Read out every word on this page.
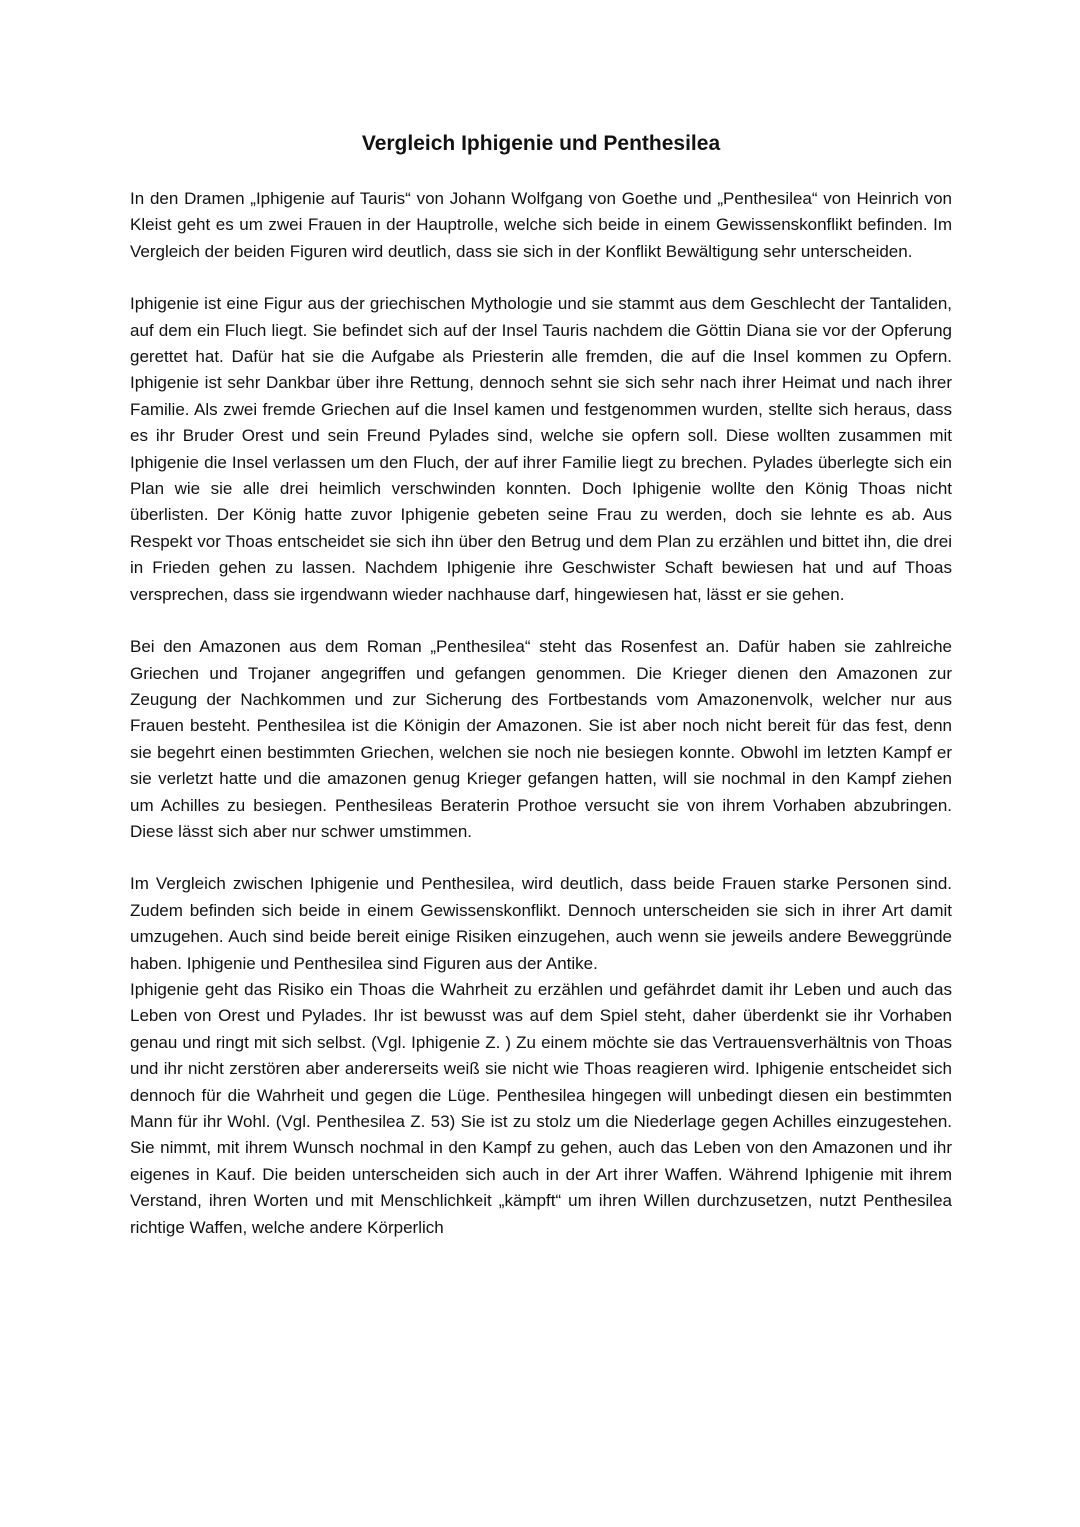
Vergleich Iphigenie und Penthesilea

In den Dramen „Iphigenie auf Tauris“ von Johann Wolfgang von Goethe und „Penthesilea“ von Heinrich von Kleist geht es um zwei Frauen in der Hauptrolle, welche sich beide in einem Gewissenskonflikt befinden. Im Vergleich der beiden Figuren wird deutlich, dass sie sich in der Konflikt Bewältigung sehr unterscheiden.

Iphigenie ist eine Figur aus der griechischen Mythologie und sie stammt aus dem Geschlecht der Tantaliden, auf dem ein Fluch liegt. Sie befindet sich auf der Insel Tauris nachdem die Göttin Diana sie vor der Opferung gerettet hat. Dafür hat sie die Aufgabe als Priesterin alle fremden, die auf die Insel kommen zu Opfern. Iphigenie ist sehr Dankbar über ihre Rettung, dennoch sehnt sie sich sehr nach ihrer Heimat und nach ihrer Familie. Als zwei fremde Griechen auf die Insel kamen und festgenommen wurden, stellte sich heraus, dass es ihr Bruder Orest und sein Freund Pylades sind, welche sie opfern soll. Diese wollten zusammen mit Iphigenie die Insel verlassen um den Fluch, der auf ihrer Familie liegt zu brechen. Pylades überlegte sich ein Plan wie sie alle drei heimlich verschwinden konnten. Doch Iphigenie wollte den König Thoas nicht überlisten. Der König hatte zuvor Iphigenie gebeten seine Frau zu werden, doch sie lehnte es ab. Aus Respekt vor Thoas entscheidet sie sich ihn über den Betrug und dem Plan zu erzählen und bittet ihn, die drei in Frieden gehen zu lassen. Nachdem Iphigenie ihre Geschwister Schaft bewiesen hat und auf Thoas versprechen, dass sie irgendwann wieder nachhause darf, hingewiesen hat, lässt er sie gehen.

Bei den Amazonen aus dem Roman „Penthesilea“ steht das Rosenfest an. Dafür haben sie zahlreiche Griechen und Trojaner angegriffen und gefangen genommen. Die Krieger dienen den Amazonen zur Zeugung der Nachkommen und zur Sicherung des Fortbestands vom Amazonenvolk, welcher nur aus Frauen besteht. Penthesilea ist die Königin der Amazonen. Sie ist aber noch nicht bereit für das fest, denn sie begehrt einen bestimmten Griechen, welchen sie noch nie besiegen konnte. Obwohl im letzten Kampf er sie verletzt hatte und die amazonen genug Krieger gefangen hatten, will sie nochmal in den Kampf ziehen um Achilles zu besiegen. Penthesileas Beraterin Prothoe versucht sie von ihrem Vorhaben abzubringen. Diese lässt sich aber nur schwer umstimmen.

Im Vergleich zwischen Iphigenie und Penthesilea, wird deutlich, dass beide Frauen starke Personen sind. Zudem befinden sich beide in einem Gewissenskonflikt. Dennoch unterscheiden sie sich in ihrer Art damit umzugehen. Auch sind beide bereit einige Risiken einzugehen, auch wenn sie jeweils andere Beweggründe haben. Iphigenie und Penthesilea sind Figuren aus der Antike.

Iphigenie geht das Risiko ein Thoas die Wahrheit zu erzählen und gefährdet damit ihr Leben und auch das Leben von Orest und Pylades. Ihr ist bewusst was auf dem Spiel steht, daher überdenkt sie ihr Vorhaben genau und ringt mit sich selbst. (Vgl. Iphigenie Z. ) Zu einem möchte sie das Vertrauensverhältnis von Thoas und ihr nicht zerstören aber andererseits weiß sie nicht wie Thoas reagieren wird. Iphigenie entscheidet sich dennoch für die Wahrheit und gegen die Lüge. Penthesilea hingegen will unbedingt diesen ein bestimmten Mann für ihr Wohl. (Vgl. Penthesilea Z. 53) Sie ist zu stolz um die Niederlage gegen Achilles einzugestehen. Sie nimmt, mit ihrem Wunsch nochmal in den Kampf zu gehen, auch das Leben von den Amazonen und ihr eigenes in Kauf. Die beiden unterscheiden sich auch in der Art ihrer Waffen. Während Iphigenie mit ihrem Verstand, ihren Worten und mit Menschlichkeit „kämpft“ um ihren Willen durchzusetzen, nutzt Penthesilea richtige Waffen, welche andere Körperlich
